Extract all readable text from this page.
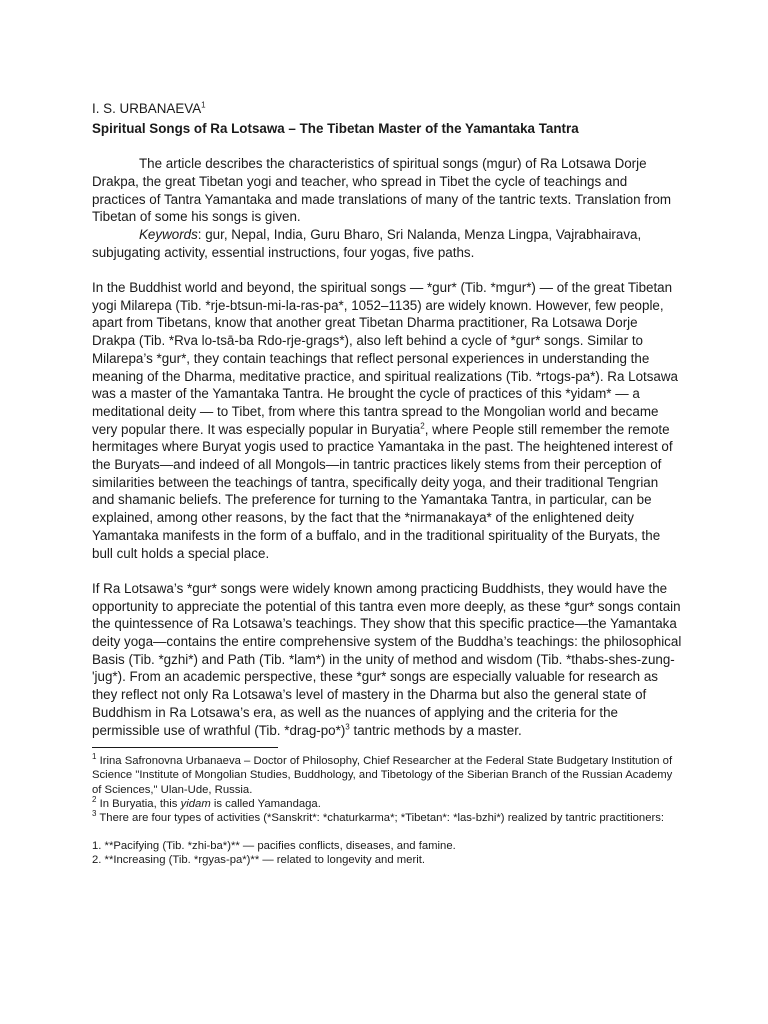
I. S. URBANAEVA$^1$

Spiritual Songs of Ra Lotsawa – The Tibetan Master of the Yamantaka Tantra

The article describes the characteristics of spiritual songs (mgur) of Ra Lotsawa Dorje

Drakpa, the great Tibetan yogi and teacher, who spread in Tibet the cycle of teachings and practices of Tantra Yamantaka and made translations of many of the tantric texts. Translation from Tibetan of some his songs is given.

Keywords: gur, Nepal, India, Guru Bharo, Sri Nalanda, Menza Lingpa, Vajrabhairava, subjugating activity, essential instructions, four yogas, five paths.

In the Buddhist world and beyond, the spiritual songs — *gur* (Tib. *mgur*) — of the great Tibetan yogi Milarepa (Tib. *rje-btsun-mi-la-ras-pa*, 1052–1135) are widely known. However, few people, apart from Tibetans, know that another great Tibetan Dharma practitioner, Ra Lotsawa Dorje Drakpa (Tib. *Rva lo-tsā-ba Rdo-rje-grags*), also left behind a cycle of *gur* songs. Similar to Milarepa’s *gur*, they contain teachings that reflect personal experiences in understanding the meaning of the Dharma, meditative practice, and spiritual realizations (Tib. *rtogs-pa*). Ra Lotsawa was a master of the Yamantaka Tantra. He brought the cycle of practices of this *yidam* — a meditational deity — to Tibet, from where this tantra spread to the Mongolian world and became very popular there. It was especially popular in Buryatia$^2$, where People still remember the remote hermitages where Buryat yogis used to practice Yamantaka in the past. The heightened interest of the Buryats—and indeed of all Mongols—in tantric practices likely stems from their perception of similarities between the teachings of tantra, specifically deity yoga, and their traditional Tengrian and shamanic beliefs. The preference for turning to the Yamantaka Tantra, in particular, can be explained, among other reasons, by the fact that the *nirmanakaya* of the enlightened deity Yamantaka manifests in the form of a buffalo, and in the traditional spirituality of the Buryats, the bull cult holds a special place.

If Ra Lotsawa’s *gur* songs were widely known among practicing Buddhists, they would have the opportunity to appreciate the potential of this tantra even more deeply, as these *gur* songs contain the quintessence of Ra Lotsawa’s teachings. They show that this specific practice—the Yamantaka deity yoga—contains the entire comprehensive system of the Buddha’s teachings: the philosophical Basis (Tib. *gzhi*) and Path (Tib. *lam*) in the unity of method and wisdom (Tib. *thabs-shes-zung-'jug*). From an academic perspective, these *gur* songs are especially valuable for research as they reflect not only Ra Lotsawa’s level of mastery in the Dharma but also the general state of Buddhism in Ra Lotsawa’s era, as well as the nuances of applying and the criteria for the permissible use of wrathful (Tib. *drag-po*)$^3$ tantric methods by a master.

$^1$ Irina Safronovna Urbanaeva – Doctor of Philosophy, Chief Researcher at the Federal State Budgetary Institution of Science "Institute of Mongolian Studies, Buddhology, and Tibetology of the Siberian Branch of the Russian Academy of Sciences," Ulan-Ude, Russia.

$^2$ In Buryatia, this yidam is called Yamandaga.

$^3$ There are four types of activities (*Sanskrit*: *chaturkarma*; *Tibetan*: *las-bzhi*) realized by tantric practitioners:

1. **Pacifying (Tib. *zhi-ba*)** — pacifies conflicts, diseases, and famine.

2. **Increasing (Tib. *rgyas-pa*)** — related to longevity and merit.
